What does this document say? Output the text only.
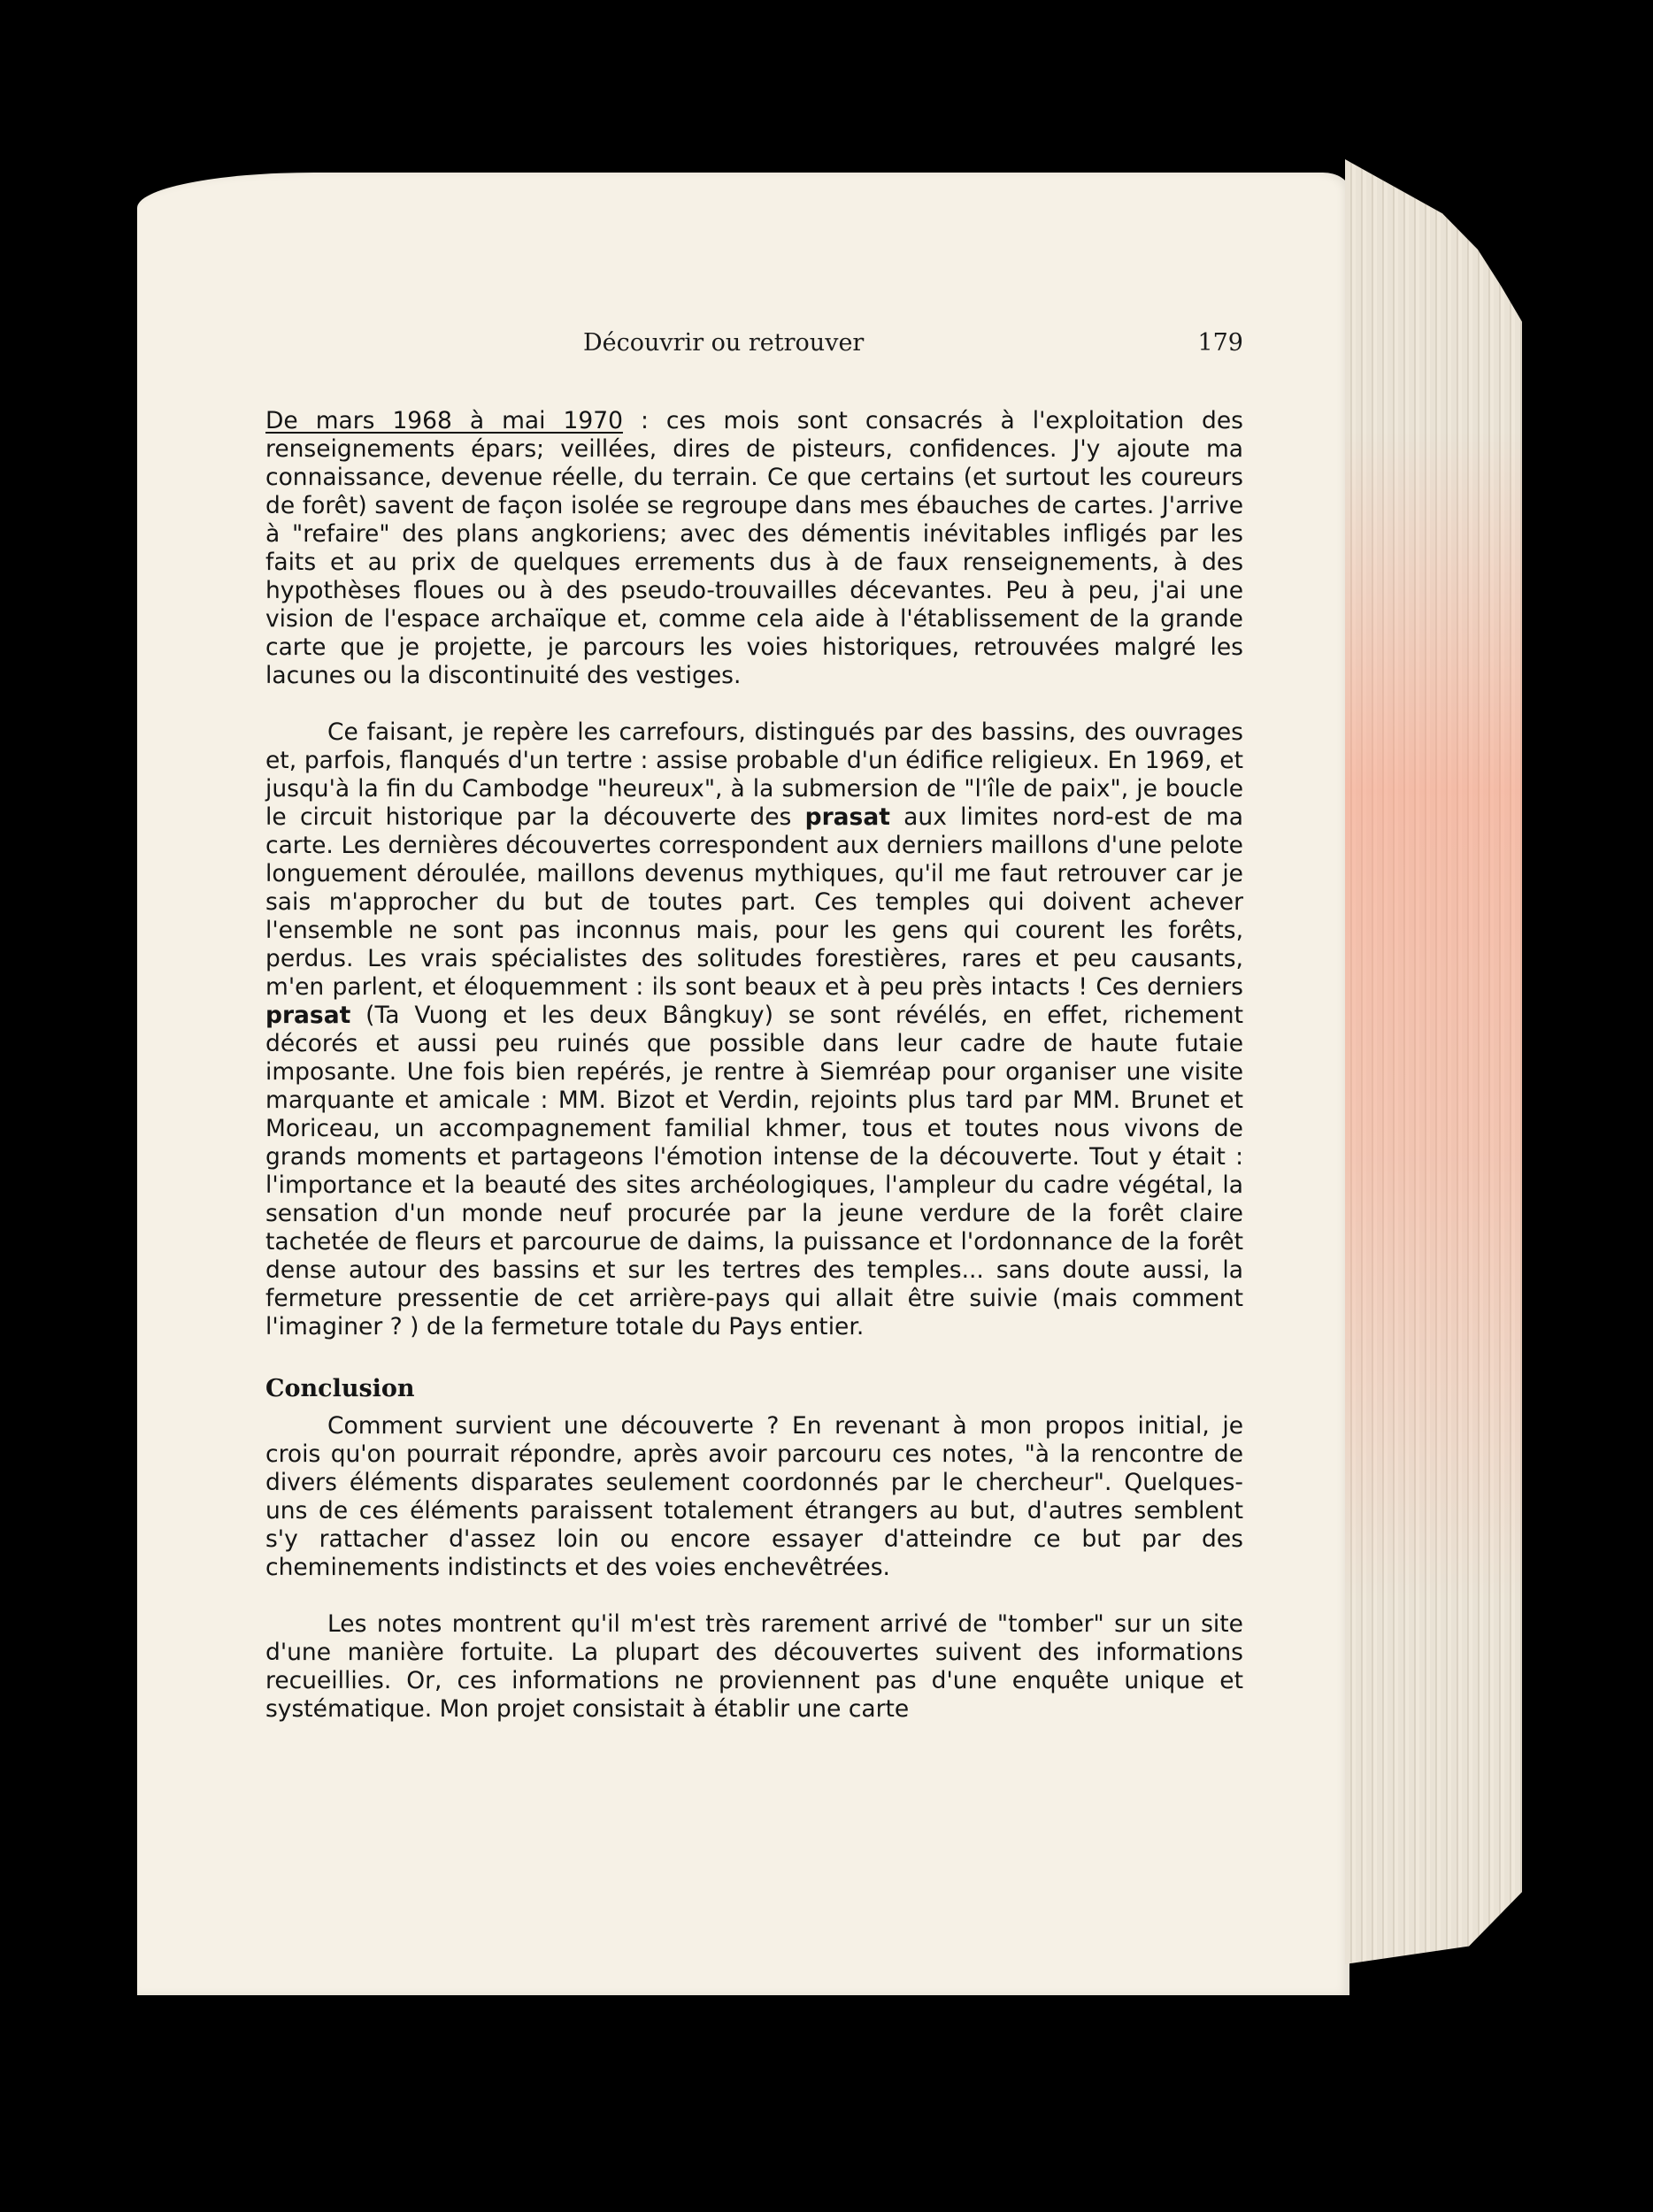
Découvrir ou retrouver	179

De mars 1968 à mai 1970 : ces mois sont consacrés à l'exploitation des renseignements épars; veillées, dires de pisteurs, confidences. J'y ajoute ma connaissance, devenue réelle, du terrain. Ce que certains (et surtout les coureurs de forêt) savent de façon isolée se regroupe dans mes ébauches de cartes. J'arrive à "refaire" des plans angkoriens; avec des démentis inévitables infligés par les faits et au prix de quelques errements dus à de faux renseignements, à des hypothèses floues ou à des pseudo-trouvailles décevantes. Peu à peu, j'ai une vision de l'espace archaïque et, comme cela aide à l'établissement de la grande carte que je projette, je parcours les voies historiques, retrouvées malgré les lacunes ou la discontinuité des vestiges.

Ce faisant, je repère les carrefours, distingués par des bassins, des ouvrages et, parfois, flanqués d'un tertre : assise probable d'un édifice religieux. En 1969, et jusqu'à la fin du Cambodge "heureux", à la submersion de "l'île de paix", je boucle le circuit historique par la découverte des prasat aux limites nord-est de ma carte. Les dernières découvertes correspondent aux derniers maillons d'une pelote longuement déroulée, maillons devenus mythiques, qu'il me faut retrouver car je sais m'approcher du but de toutes part. Ces temples qui doivent achever l'ensemble ne sont pas inconnus mais, pour les gens qui courent les forêts, perdus. Les vrais spécialistes des solitudes forestières, rares et peu causants, m'en parlent, et éloquemment : ils sont beaux et à peu près intacts ! Ces derniers prasat (Ta Vuong et les deux Bângkuy) se sont révélés, en effet, richement décorés et aussi peu ruinés que possible dans leur cadre de haute futaie imposante. Une fois bien repérés, je rentre à Siemréap pour organiser une visite marquante et amicale : MM. Bizot et Verdin, rejoints plus tard par MM. Brunet et Moriceau, un accompagnement familial khmer, tous et toutes nous vivons de grands moments et partageons l'émotion intense de la découverte. Tout y était : l'importance et la beauté des sites archéologiques, l'ampleur du cadre végétal, la sensation d'un monde neuf procurée par la jeune verdure de la forêt claire tachetée de fleurs et parcourue de daims, la puissance et l'ordonnance de la forêt dense autour des bassins et sur les tertres des temples... sans doute aussi, la fermeture pressentie de cet arrière-pays qui allait être suivie (mais comment l'imaginer ? ) de la fermeture totale du Pays entier.

Conclusion

Comment survient une découverte ? En revenant à mon propos initial, je crois qu'on pourrait répondre, après avoir parcouru ces notes, "à la rencontre de divers éléments disparates seulement coordonnés par le chercheur". Quelques-uns de ces éléments paraissent totalement étrangers au but, d'autres semblent s'y rattacher d'assez loin ou encore essayer d'atteindre ce but par des cheminements indistincts et des voies enchevêtrées.

Les notes montrent qu'il m'est très rarement arrivé de "tomber" sur un site d'une manière fortuite. La plupart des découvertes suivent des informations recueillies. Or, ces informations ne proviennent pas d'une enquête unique et systématique. Mon projet consistait à établir une carte
